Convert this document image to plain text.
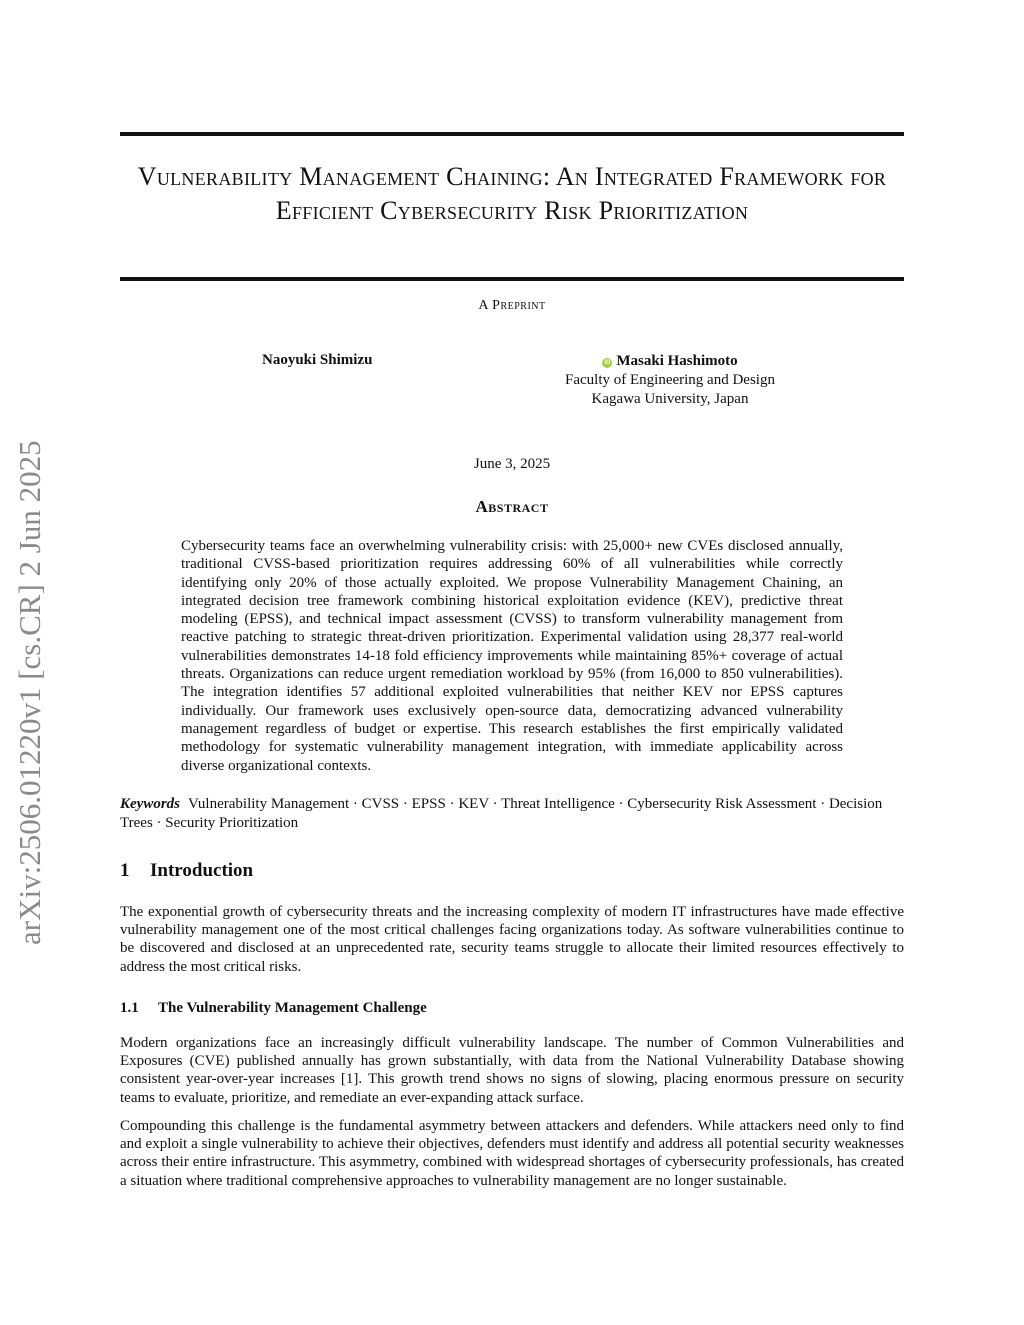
arXiv:2506.01220v1 [cs.CR] 2 Jun 2025
Vulnerability Management Chaining: An Integrated Framework for Efficient Cybersecurity Risk Prioritization
A Preprint
Naoyuki Shimizu	iD Masaki Hashimoto
Faculty of Engineering and Design
Kagawa University, Japan
June 3, 2025
Abstract

Cybersecurity teams face an overwhelming vulnerability crisis: with 25,000+ new CVEs disclosed annually, traditional CVSS-based prioritization requires addressing 60% of all vulnerabilities while correctly identifying only 20% of those actually exploited. We propose Vulnerability Management Chaining, an integrated decision tree framework combining historical exploitation evidence (KEV), predictive threat modeling (EPSS), and technical impact assessment (CVSS) to transform vulnerability management from reactive patching to strategic threat-driven prioritization. Experimental validation using 28,377 real-world vulnerabilities demonstrates 14-18 fold efficiency improvements while maintaining 85%+ coverage of actual threats. Organizations can reduce urgent remediation workload by 95% (from 16,000 to 850 vulnerabilities). The integration identifies 57 additional exploited vulnerabilities that neither KEV nor EPSS captures individually. Our framework uses exclusively open-source data, democratizing advanced vulnerability management regardless of budget or expertise. This research establishes the first empirically validated methodology for systematic vulnerability management integration, with immediate applicability across diverse organizational contexts.

Keywords Vulnerability Management · CVSS · EPSS · KEV · Threat Intelligence · Cybersecurity Risk Assessment · Decision Trees · Security Prioritization

1 Introduction

The exponential growth of cybersecurity threats and the increasing complexity of modern IT infrastructures have made effective vulnerability management one of the most critical challenges facing organizations today. As software vulnerabilities continue to be discovered and disclosed at an unprecedented rate, security teams struggle to allocate their limited resources effectively to address the most critical risks.

1.1 The Vulnerability Management Challenge

Modern organizations face an increasingly difficult vulnerability landscape. The number of Common Vulnerabilities and Exposures (CVE) published annually has grown substantially, with data from the National Vulnerability Database showing consistent year-over-year increases [1]. This growth trend shows no signs of slowing, placing enormous pressure on security teams to evaluate, prioritize, and remediate an ever-expanding attack surface.

Compounding this challenge is the fundamental asymmetry between attackers and defenders. While attackers need only to find and exploit a single vulnerability to achieve their objectives, defenders must identify and address all potential security weaknesses across their entire infrastructure. This asymmetry, combined with widespread shortages of cybersecurity professionals, has created a situation where traditional comprehensive approaches to vulnerability management are no longer sustainable.
